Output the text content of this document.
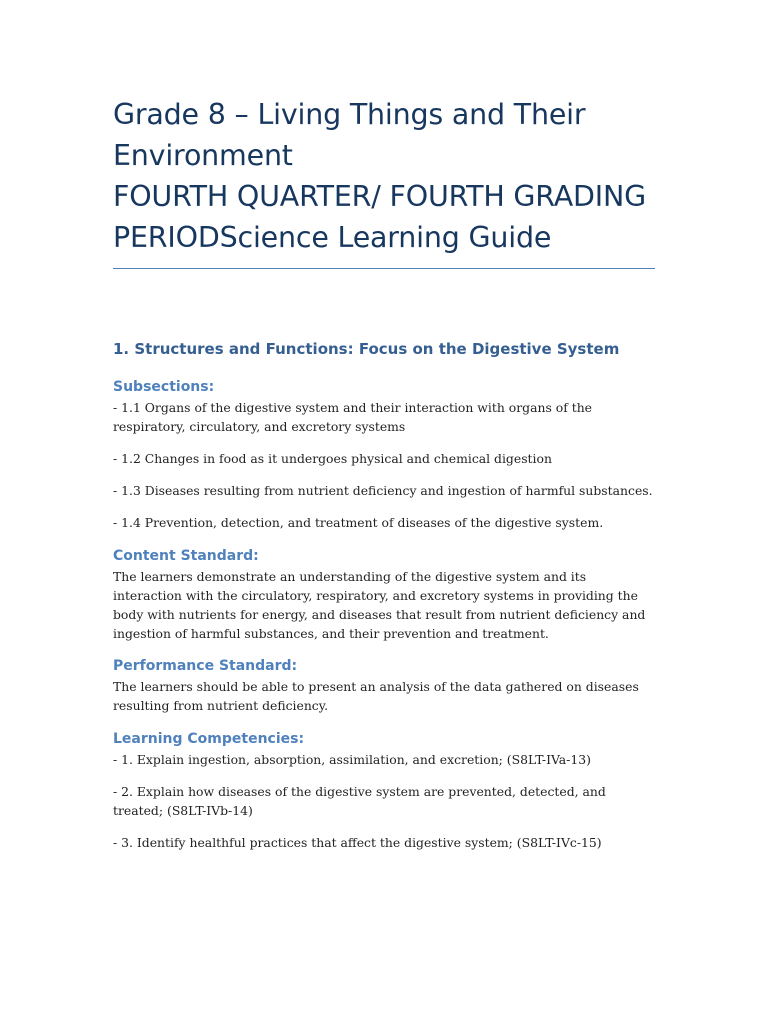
Grade 8 – Living Things and Their
Environment
FOURTH QUARTER/ FOURTH GRADING
PERIODScience Learning Guide
1. Structures and Functions: Focus on the Digestive System
Subsections:

- 1.1 Organs of the digestive system and their interaction with organs of the respiratory, circulatory, and excretory systems

- 1.2 Changes in food as it undergoes physical and chemical digestion

- 1.3 Diseases resulting from nutrient deficiency and ingestion of harmful substances.

- 1.4 Prevention, detection, and treatment of diseases of the digestive system.

Content Standard:

The learners demonstrate an understanding of the digestive system and its interaction with the circulatory, respiratory, and excretory systems in providing the body with nutrients for energy, and diseases that result from nutrient deficiency and ingestion of harmful substances, and their prevention and treatment.

Performance Standard:

The learners should be able to present an analysis of the data gathered on diseases resulting from nutrient deficiency.

Learning Competencies:

- 1. Explain ingestion, absorption, assimilation, and excretion; (S8LT-IVa-13)

- 2. Explain how diseases of the digestive system are prevented, detected, and treated; (S8LT-IVb-14)

- 3. Identify healthful practices that affect the digestive system; (S8LT-IVc-15)
